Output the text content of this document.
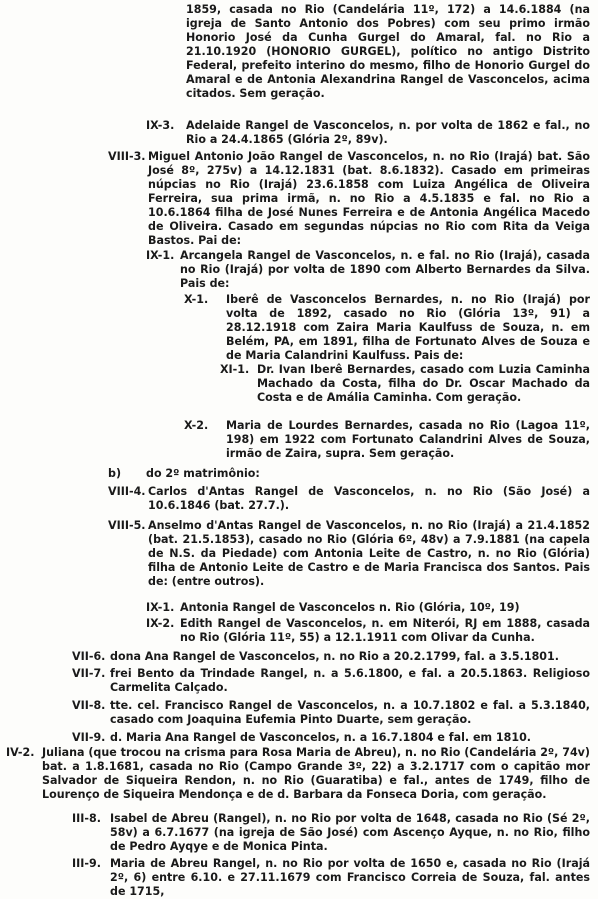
1859, casada no Rio (Candelária 11º, 172) a 14.6.1884 (na igreja de Santo Antonio dos Pobres) com seu primo irmão Honorio José da Cunha Gurgel do Amaral, fal. no Rio a 21.10.1920 (HONORIO GURGEL), político no antigo Distrito Federal, prefeito interino do mesmo, filho de Honorio Gurgel do Amaral e de Antonia Alexandrina Rangel de Vasconcelos, acima citados. Sem geração.
IX-3. Adelaide Rangel de Vasconcelos, n. por volta de 1862 e fal., no Rio a 24.4.1865 (Glória 2º, 89v).
VIII-3. Miguel Antonio João Rangel de Vasconcelos, n. no Rio (Irajá) bat. São José 8º, 275v) a 14.12.1831 (bat. 8.6.1832). Casado em primeiras núpcias no Rio (Irajá) 23.6.1858 com Luiza Angélica de Oliveira Ferreira, sua prima irmã, n. no Rio a 4.5.1835 e fal. no Rio a 10.6.1864 filha de José Nunes Ferreira e de Antonia Angélica Macedo de Oliveira. Casado em segundas núpcias no Rio com Rita da Veiga Bastos. Pai de:
IX-1. Arcangela Rangel de Vasconcelos, n. e fal. no Rio (Irajá), casada no Rio (Irajá) por volta de 1890 com Alberto Bernardes da Silva. Pais de:
X-1. Iberê de Vasconcelos Bernardes, n. no Rio (Irajá) por volta de 1892, casado no Rio (Glória 13º, 91) a 28.12.1918 com Zaira Maria Kaulfuss de Souza, n. em Belém, PA, em 1891, filha de Fortunato Alves de Souza e de Maria Calandrini Kaulfuss. Pais de:
XI-1. Dr. Ivan Iberê Bernardes, casado com Luzia Caminha Machado da Costa, filha do Dr. Oscar Machado da Costa e de Amália Caminha. Com geração.
X-2. Maria de Lourdes Bernardes, casada no Rio (Lagoa 11º, 198) em 1922 com Fortunato Calandrini Alves de Souza, irmão de Zaira, supra. Sem geração.
b) do 2º matrimônio:
VIII-4. Carlos d'Antas Rangel de Vasconcelos, n. no Rio (São José) a 10.6.1846 (bat. 27.7.).
VIII-5. Anselmo d'Antas Rangel de Vasconcelos, n. no Rio (Irajá) a 21.4.1852 (bat. 21.5.1853), casado no Rio (Glória 6º, 48v) a 7.9.1881 (na capela de N.S. da Piedade) com Antonia Leite de Castro, n. no Rio (Glória) filha de Antonio Leite de Castro e de Maria Francisca dos Santos. Pais de: (entre outros).
IX-1. Antonia Rangel de Vasconcelos n. Rio (Glória, 10º, 19)
IX-2. Edith Rangel de Vasconcelos, n. em Niterói, RJ em 1888, casada no Rio (Glória 11º, 55) a 12.1.1911 com Olivar da Cunha.
VII-6. dona Ana Rangel de Vasconcelos, n. no Rio a 20.2.1799, fal. a 3.5.1801.
VII-7. frei Bento da Trindade Rangel, n. a 5.6.1800, e fal. a 20.5.1863. Religioso Carmelita Calçado.
VII-8. tte. cel. Francisco Rangel de Vasconcelos, n. a 10.7.1802 e fal. a 5.3.1840, casado com Joaquina Eufemia Pinto Duarte, sem geração.
VII-9. d. Maria Ana Rangel de Vasconcelos, n. a 16.7.1804 e fal. em 1810.
IV-2. Juliana (que trocou na crisma para Rosa Maria de Abreu), n. no Rio (Candelária 2º, 74v) bat. a 1.8.1681, casada no Rio (Campo Grande 3º, 22) a 3.2.1717 com o capitão mor Salvador de Siqueira Rendon, n. no Rio (Guaratiba) e fal., antes de 1749, filho de Lourenço de Siqueira Mendonça e de d. Barbara da Fonseca Doria, com geração.
III-8. Isabel de Abreu (Rangel), n. no Rio por volta de 1648, casada no Rio (Sé 2º, 58v) a 6.7.1677 (na igreja de São José) com Ascenço Ayque, n. no Rio, filho de Pedro Ayqye e de Monica Pinta.
III-9. Maria de Abreu Rangel, n. no Rio por volta de 1650 e, casada no Rio (Irajá 2º, 6) entre 6.10. e 27.11.1679 com Francisco Correia de Souza, fal. antes de 1715,
